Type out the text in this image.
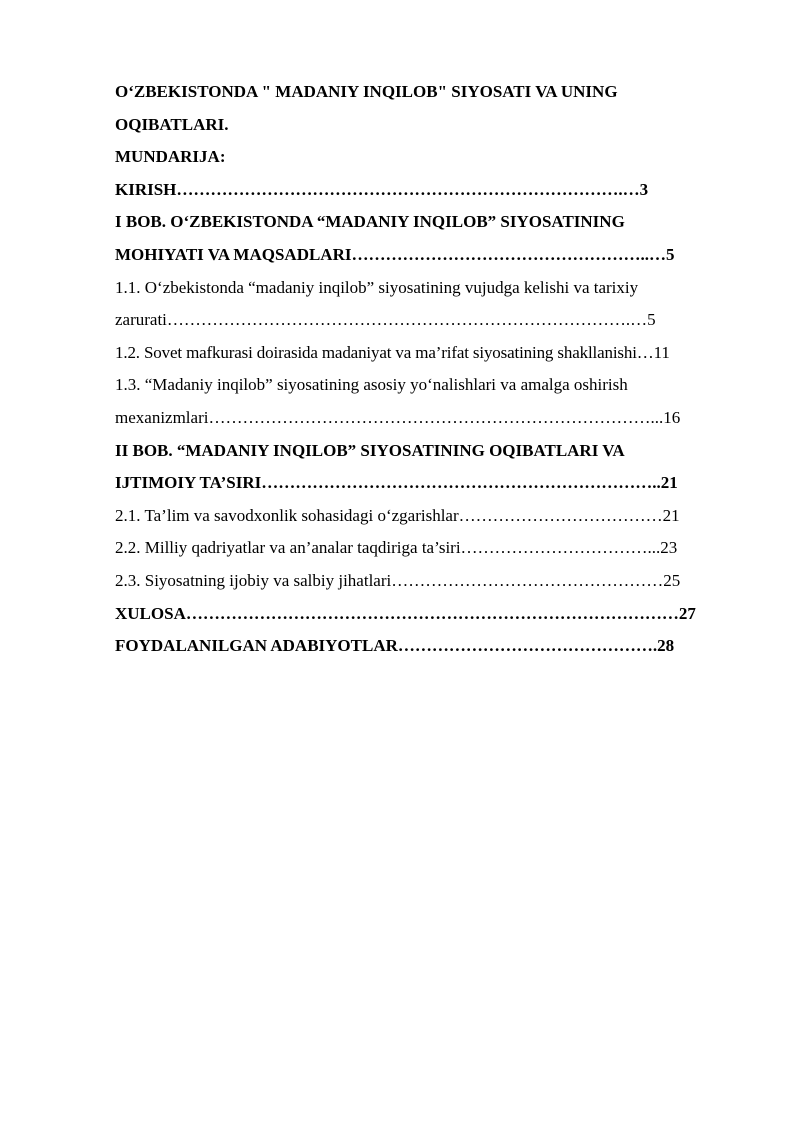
O‘ZBEKISTONDA " MADANIY INQILOB" SIYOSATI VA UNING
OQIBATLARI.
MUNDARIJA:
KIRISH…………………………………………………………………….…3
I BOB. O‘ZBEKISTONDA “MADANIY INQILOB” SIYOSATINING
MOHIYATI VA MAQSADLARI……………………………………………..…5
1.1. O‘zbekistonda “madaniy inqilob” siyosatining vujudga kelishi va tarixiy
zarurati……………………………………………………………………….…5
1.2. Sovet mafkurasi doirasida madaniyat va ma’rifat siyosatining shakllanishi…11
1.3. “Madaniy inqilob” siyosatining asosiy yo‘nalishlari va amalga oshirish
mexanizmlari……………………………………………………………………...16
II BOB. “MADANIY INQILOB” SIYOSATINING OQIBATLARI VA
IJTIMOIY TA’SIRI……………………………………………………………..21
2.1. Ta’lim va savodxonlik sohasidagi o‘zgarishlar………………………………21
2.2. Milliy qadriyatlar va an’analar taqdiriga ta’siri……………………………...23
2.3. Siyosatning ijobiy va salbiy jihatlari…………………………………………25
XULOSA……………………………………………………………………………27
FOYDALANILGAN ADABIYOTLAR……………………………………….28
